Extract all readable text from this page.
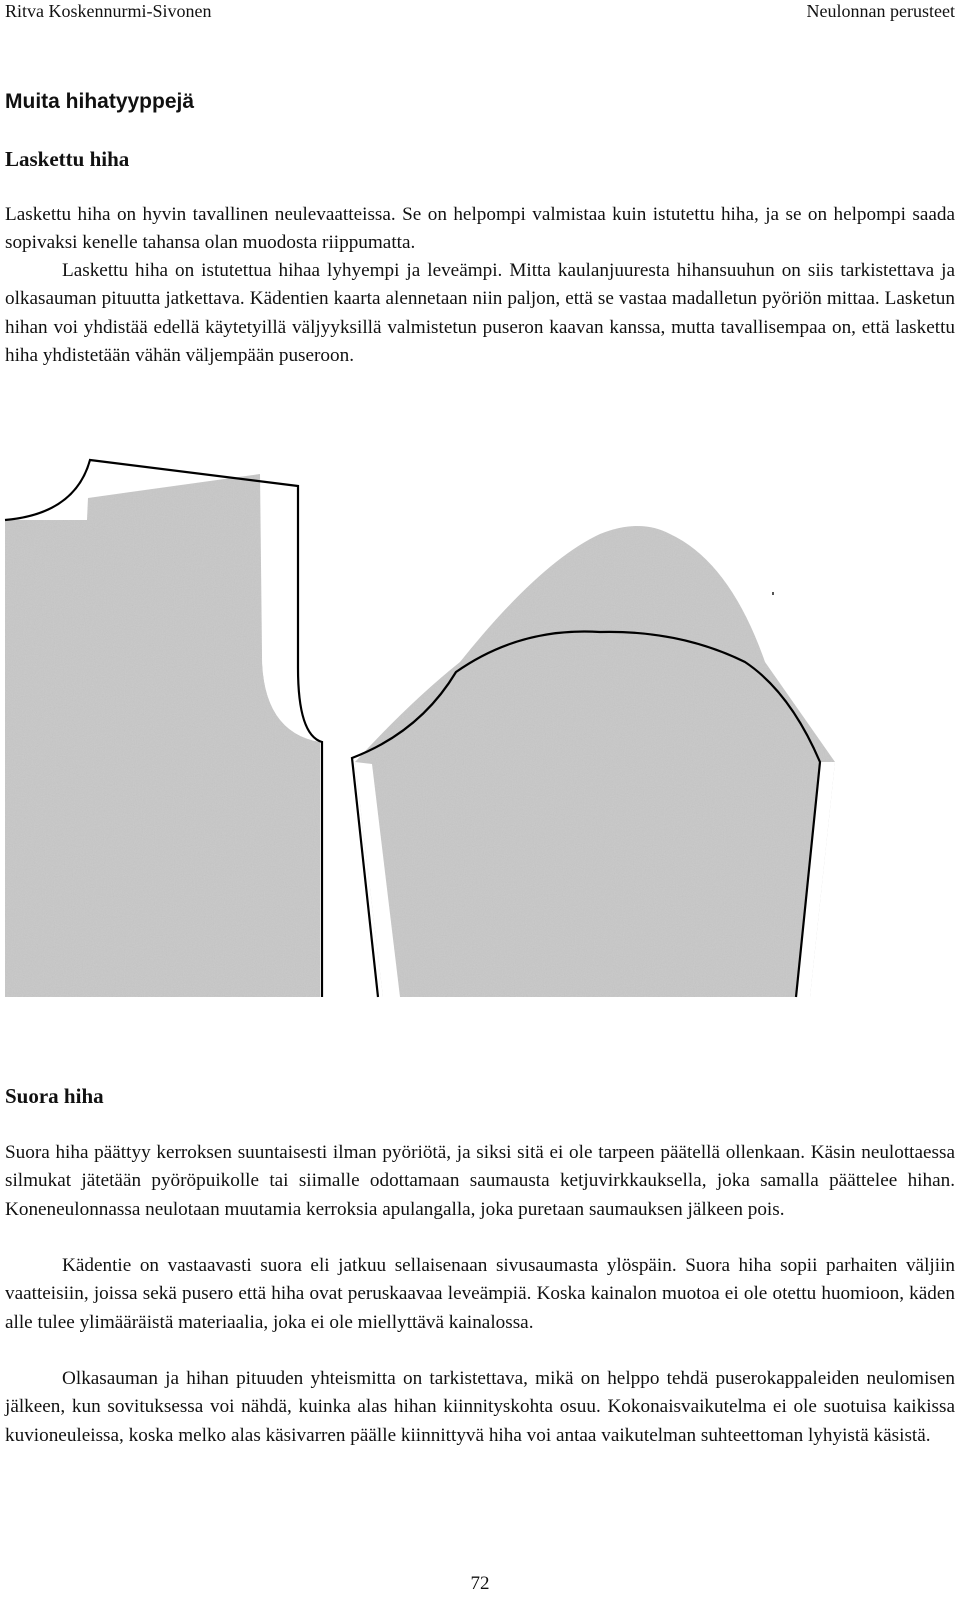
Ritva Koskennurmi-Sivonen	Neulonnan perusteet
Muita hihatyyppejä
Laskettu hiha

Laskettu hiha on hyvin tavallinen neulevaatteissa. Se on helpompi valmistaa kuin istutettu hiha, ja se on helpompi saada sopivaksi kenelle tahansa olan muodosta riippumatta.

Laskettu hiha on istutettua hihaa lyhyempi ja leveämpi. Mitta kaulanjuuresta hihansuuhun on siis tarkistettava ja olkasauman pituutta jatkettava. Kädentien kaarta alennetaan niin paljon, että se vastaa madalletun pyöriön mittaa. Lasketun hihan voi yhdistää edellä käytetyillä väljyyksillä valmistetun puseron kaavan kanssa, mutta tavallisempaa on, että laskettu hiha yhdistetään vähän väljempään puseroon.

Suora hiha

Suora hiha päättyy kerroksen suuntaisesti ilman pyöriötä, ja siksi sitä ei ole tarpeen päätellä ollenkaan. Käsin neulottaessa silmukat jätetään pyöröpuikolle tai siimalle odottamaan saumausta ketjuvirkkauksella, joka samalla päättelee hihan. Koneneulonnassa neulotaan muutamia kerroksia apulangalla, joka puretaan saumauksen jälkeen pois.

Kädentie on vastaavasti suora eli jatkuu sellaisenaan sivusaumasta ylöspäin. Suora hiha sopii parhaiten väljiin vaatteisiin, joissa sekä pusero että hiha ovat peruskaavaa leveämpiä. Koska kainalon muotoa ei ole otettu huomioon, käden alle tulee ylimääräistä materiaalia, joka ei ole miellyttävä kainalossa.

Olkasauman ja hihan pituuden yhteismitta on tarkistettava, mikä on helppo tehdä puserokappaleiden neulomisen jälkeen, kun sovituksessa voi nähdä, kuinka alas hihan kiinnityskohta osuu. Kokonaisvaikutelma ei ole suotuisa kaikissa kuvioneuleissa, koska melko alas käsivarren päälle kiinnittyvä hiha voi antaa vaikutelman suhteettoman lyhyistä käsistä.

72
